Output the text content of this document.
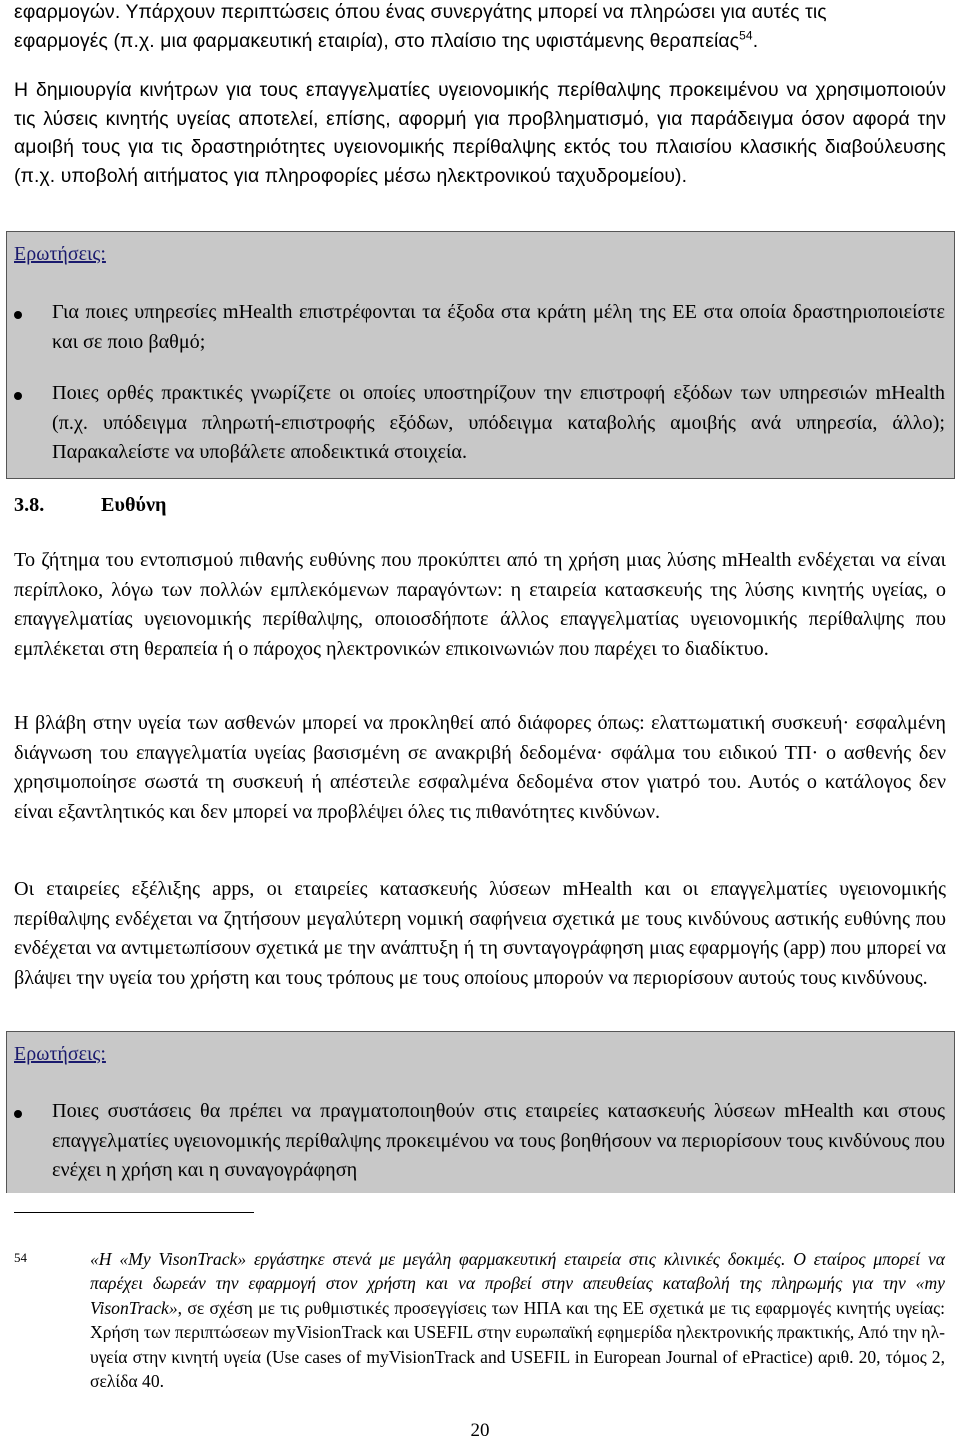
εφαρμογών. Υπάρχουν περιπτώσεις όπου ένας συνεργάτης μπορεί να πληρώσει για αυτές τις
εφαρμογές (π.χ. μια φαρμακευτική εταιρία), στο πλαίσιο της υφιστάμενης θεραπείας$^{54}$.

Η δημιουργία κινήτρων για τους επαγγελματίες υγειονομικής περίθαλψης προκειμένου να χρησιμοποιούν τις λύσεις κινητής υγείας αποτελεί, επίσης, αφορμή για προβληματισμό, για παράδειγμα όσον αφορά την αμοιβή τους για τις δραστηριότητες υγειονομικής περίθαλψης εκτός του πλαισίου κλασικής διαβούλευσης (π.χ. υποβολή αιτήματος για πληροφορίες μέσω ηλεκτρονικού ταχυδρομείου).

Ερωτήσεις:

Για ποιες υπηρεσίες mHealth επιστρέφονται τα έξοδα στα κράτη μέλη της ΕΕ στα οποία δραστηριοποιείστε και σε ποιο βαθμό;

Ποιες ορθές πρακτικές γνωρίζετε οι οποίες υποστηρίζουν την επιστροφή εξόδων των υπηρεσιών mHealth (π.χ. υπόδειγμα πληρωτή-επιστροφής εξόδων, υπόδειγμα καταβολής αμοιβής ανά υπηρεσία, άλλο); Παρακαλείστε να υποβάλετε αποδεικτικά στοιχεία.

3.8.	Ευθύνη

Το ζήτημα του εντοπισμού πιθανής ευθύνης που προκύπτει από τη χρήση μιας λύσης mHealth ενδέχεται να είναι περίπλοκο, λόγω των πολλών εμπλεκόμενων παραγόντων: η εταιρεία κατασκευής της λύσης κινητής υγείας, ο επαγγελματίας υγειονομικής περίθαλψης, οποιοσδήποτε άλλος επαγγελματίας υγειονομικής περίθαλψης που εμπλέκεται στη θεραπεία ή ο πάροχος ηλεκτρονικών επικοινωνιών που παρέχει το διαδίκτυο.

Η βλάβη στην υγεία των ασθενών μπορεί να προκληθεί από διάφορες όπως: ελαττωματική συσκευή· εσφαλμένη διάγνωση του επαγγελματία υγείας βασισμένη σε ανακριβή δεδομένα· σφάλμα του ειδικού ΤΠ· ο ασθενής δεν χρησιμοποίησε σωστά τη συσκευή ή απέστειλε εσφαλμένα δεδομένα στον γιατρό του. Αυτός ο κατάλογος δεν είναι εξαντλητικός και δεν μπορεί να προβλέψει όλες τις πιθανότητες κινδύνων.

Οι εταιρείες εξέλιξης apps, οι εταιρείες κατασκευής λύσεων mHealth και οι επαγγελματίες υγειονομικής περίθαλψης ενδέχεται να ζητήσουν μεγαλύτερη νομική σαφήνεια σχετικά με τους κινδύνους αστικής ευθύνης που ενδέχεται να αντιμετωπίσουν σχετικά με την ανάπτυξη ή τη συνταγογράφηση μιας εφαρμογής (app) που μπορεί να βλάψει την υγεία του χρήστη και τους τρόπους με τους οποίους μπορούν να περιορίσουν αυτούς τους κινδύνους.

Ερωτήσεις:

Ποιες συστάσεις θα πρέπει να πραγματοποιηθούν στις εταιρείες κατασκευής λύσεων mHealth και στους επαγγελματίες υγειονομικής περίθαλψης προκειμένου να τους βοηθήσουν να περιορίσουν τους κινδύνους που ενέχει η χρήση και η συναγογράφηση

54	«Η «My VisonTrack» εργάστηκε στενά με μεγάλη φαρμακευτική εταιρεία στις κλινικές δοκιμές. Ο εταίρος μπορεί να παρέχει δωρεάν την εφαρμογή στον χρήστη και να προβεί στην απευθείας καταβολή της πληρωμής για την «my VisonTrack», σε σχέση με τις ρυθμιστικές προσεγγίσεις των ΗΠΑ και της ΕΕ σχετικά με τις εφαρμογές κινητής υγείας: Χρήση των περιπτώσεων myVisionTrack και USEFIL στην ευρωπαϊκή εφημερίδα ηλεκτρονικής πρακτικής, Από την ηλ-υγεία στην κινητή υγεία (Use cases of myVisionTrack and USEFIL in European Journal of ePractice) αριθ. 20, τόμος 2, σελίδα 40.

20
